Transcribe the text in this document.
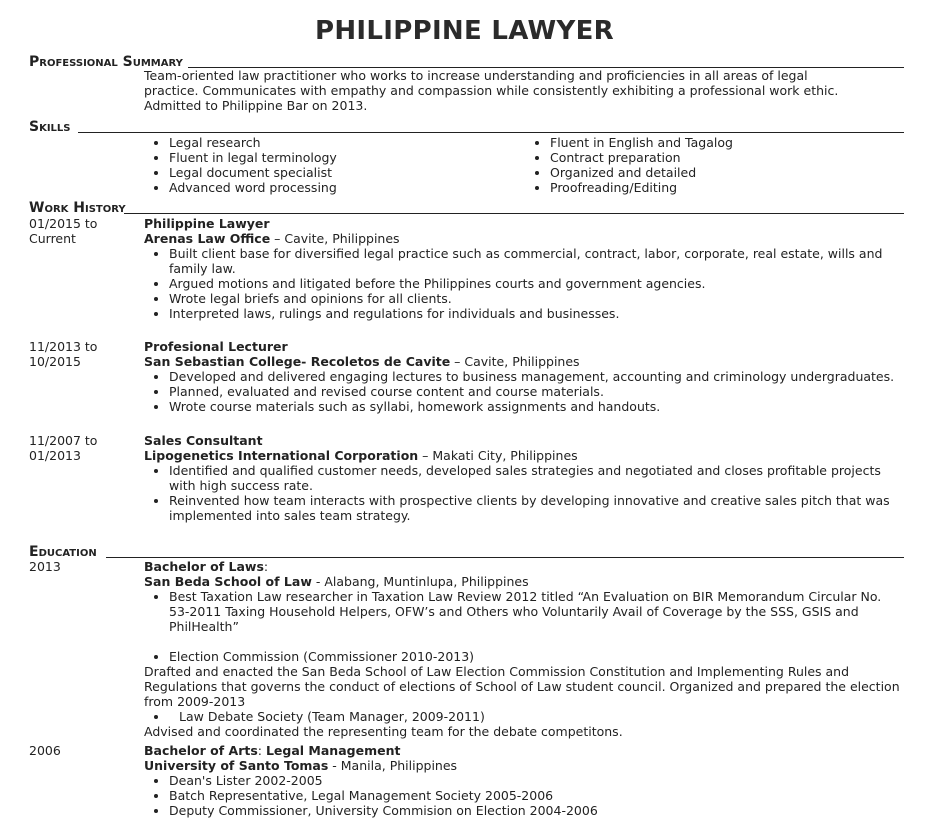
PHILIPPINE LAWYER
Professional Summary
Team-oriented law practitioner who works to increase understanding and proficiencies in all areas of legal practice. Communicates with empathy and compassion while consistently exhibiting a professional work ethic. Admitted to Philippine Bar on 2013.
Skills
• Legal research
• Fluent in legal terminology
• Legal document specialist
• Advanced word processing
• Fluent in English and Tagalog
• Contract preparation
• Organized and detailed
• Proofreading/Editing
Work History
01/2015 to
Current
Philippine Lawyer
Arenas Law Office – Cavite, Philippines
• Built client base for diversified legal practice such as commercial, contract, labor, corporate, real estate, wills and family law.
• Argued motions and litigated before the Philippines courts and government agencies.
• Wrote legal briefs and opinions for all clients.
• Interpreted laws, rulings and regulations for individuals and businesses.
11/2013 to
10/2015
Profesional Lecturer
San Sebastian College- Recoletos de Cavite – Cavite, Philippines
• Developed and delivered engaging lectures to business management, accounting and criminology undergraduates.
• Planned, evaluated and revised course content and course materials.
• Wrote course materials such as syllabi, homework assignments and handouts.
11/2007 to
01/2013
Sales Consultant
Lipogenetics International Corporation – Makati City, Philippines
• Identified and qualified customer needs, developed sales strategies and negotiated and closes profitable projects with high success rate.
• Reinvented how team interacts with prospective clients by developing innovative and creative sales pitch that was implemented into sales team strategy.
Education
2013	Bachelor of Laws:
San Beda School of Law - Alabang, Muntinlupa, Philippines
• Best Taxation Law researcher in Taxation Law Review 2012 titled “An Evaluation on BIR Memorandum Circular No. 53-2011 Taxing Household Helpers, OFW’s and Others who Voluntarily Avail of Coverage by the SSS, GSIS and PhilHealth”
• Election Commission (Commissioner 2010-2013)

Drafted and enacted the San Beda School of Law Election Commission Constitution and Implementing Rules and Regulations that governs the conduct of elections of School of Law student council. Organized and prepared the election from 2009-2013

• Law Debate Society (Team Manager, 2009-2011)

Advised and coordinated the representing team for the debate competitons.

2006	Bachelor of Arts: Legal Management
University of Santo Tomas - Manila, Philippines
• Dean's Lister 2002-2005
• Batch Representative, Legal Management Society 2005-2006
• Deputy Commissioner, University Commision on Election 2004-2006
